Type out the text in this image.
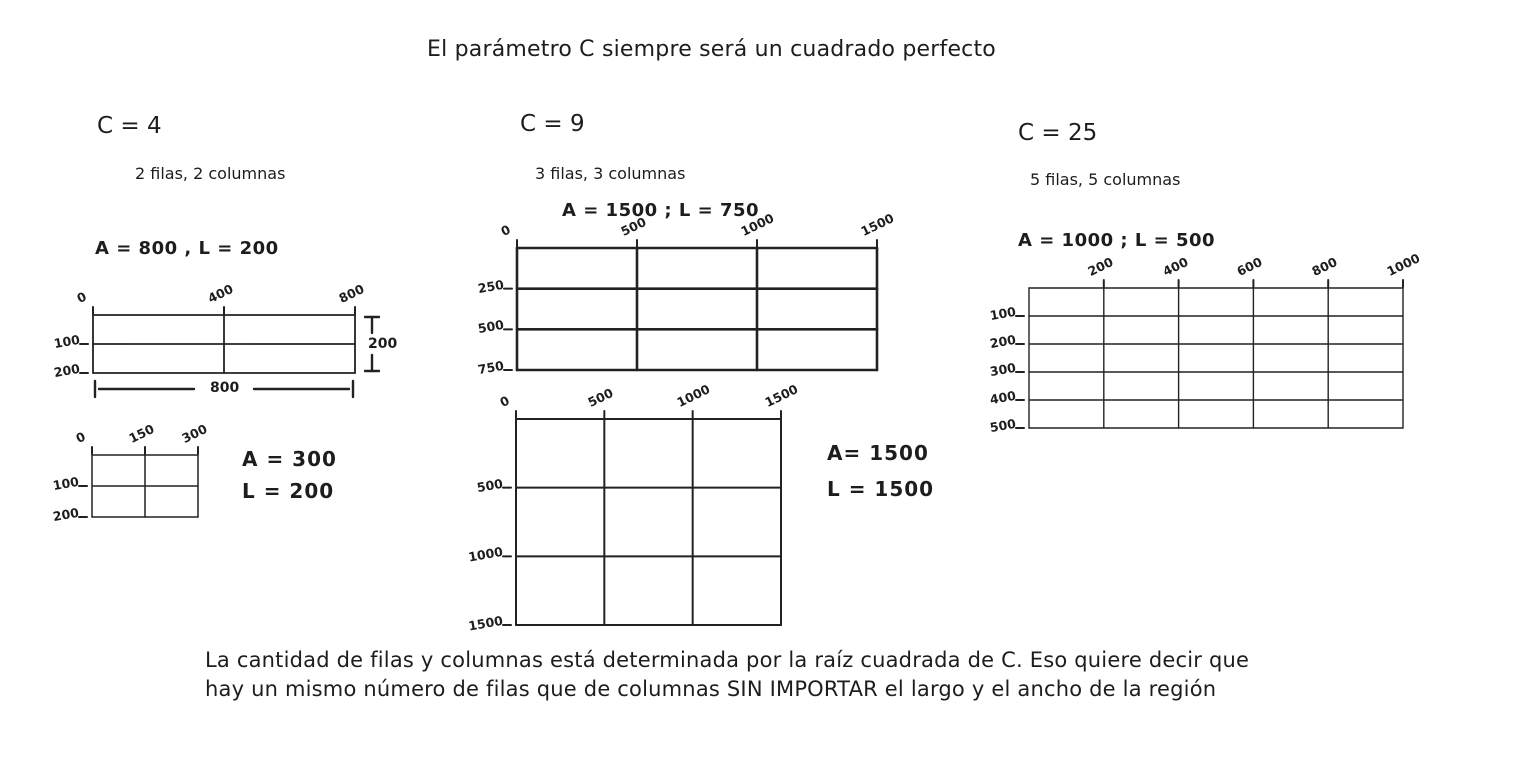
El parámetro C siempre será un cuadrado perfecto
C = 4
2 filas, 2 columnas
A = 800 , L = 200
C = 9
3 filas, 3 columnas
A = 1500 ; L = 750
C = 25
5 filas, 5 columnas
A = 1000 ; L = 500
0	400	800
100
200
800
200
0	150 300
100
200
A = 300
L = 200
0	500	1000	1500
250
500
750
0	500	1000	1500
500
1000
1500
A= 1500
L = 1500
200	400	600	800	1000
100
200
300
400
500
La cantidad de filas y columnas está determinada por la raíz cuadrada de C. Eso quiere decir que
hay un mismo número de filas que de columnas SIN IMPORTAR el largo y el ancho de la región
